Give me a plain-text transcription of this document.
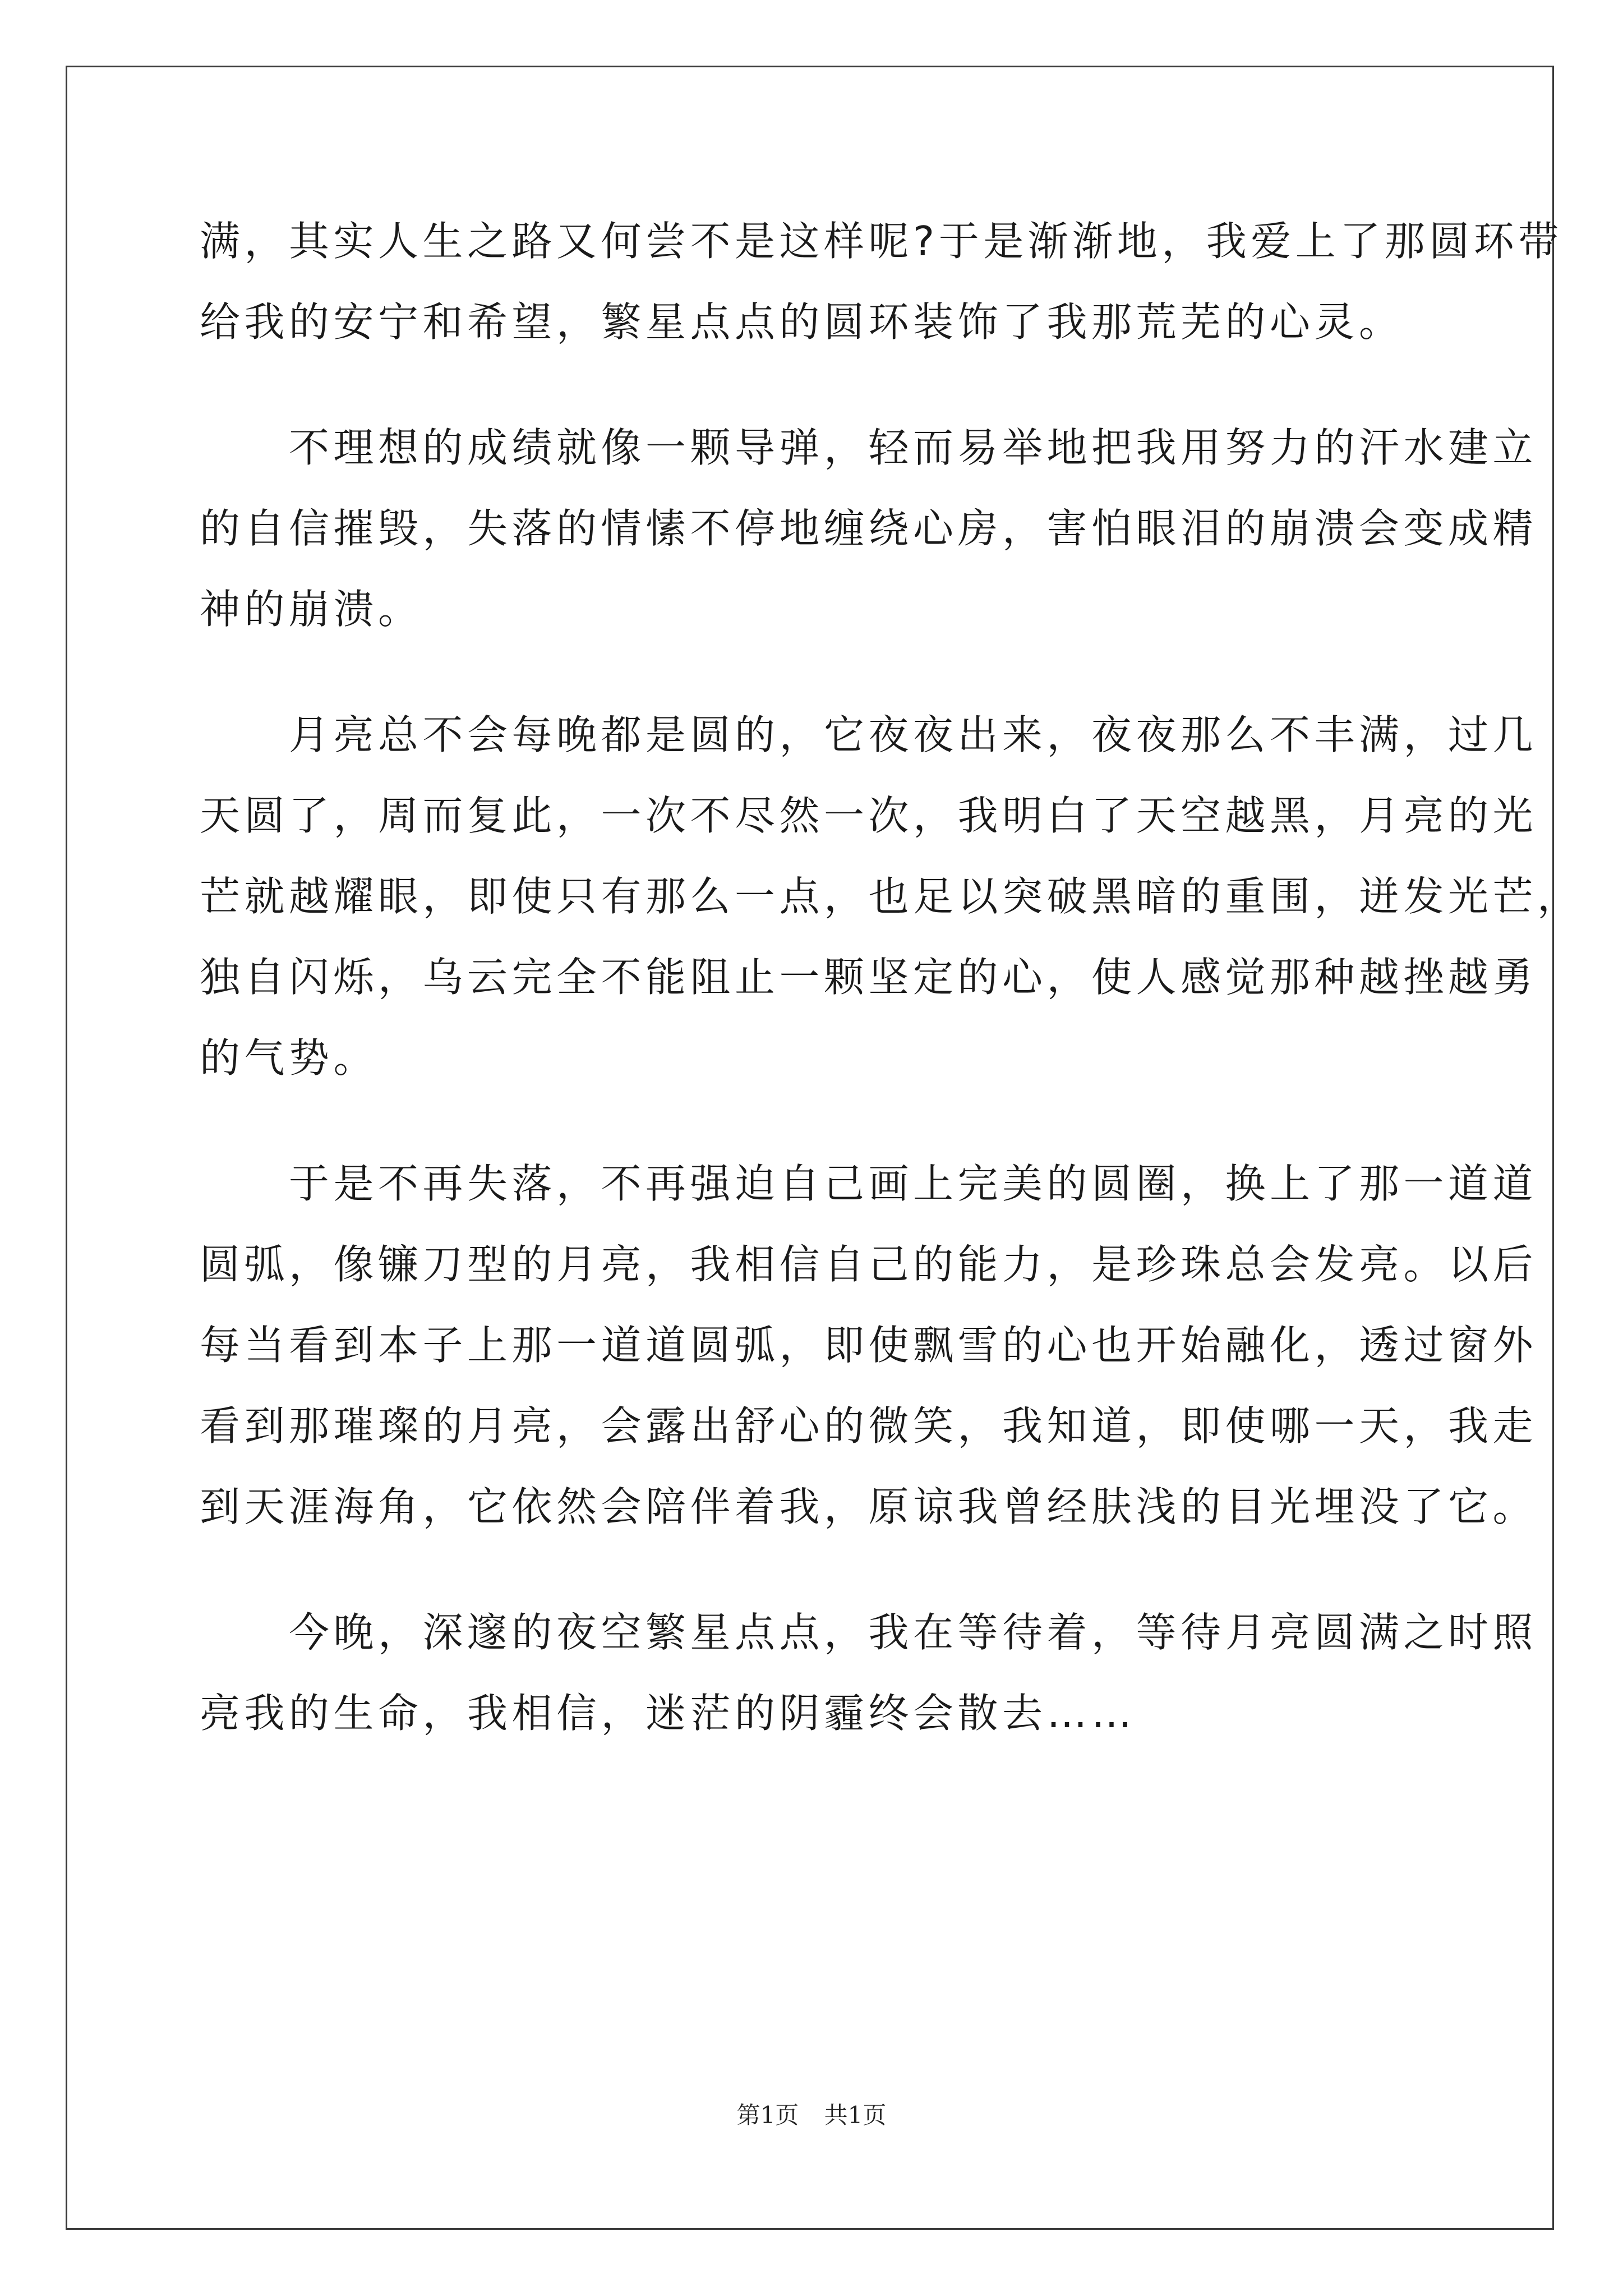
满，其实人生之路又何尝不是这样呢?于是渐渐地，我爱上了那圆环带
给我的安宁和希望，繁星点点的圆环装饰了我那荒芜的心灵。
　　不理想的成绩就像一颗导弹，轻而易举地把我用努力的汗水建立
的自信摧毁，失落的情愫不停地缠绕心房，害怕眼泪的崩溃会变成精
神的崩溃。
　　月亮总不会每晚都是圆的，它夜夜出来，夜夜那么不丰满，过几
天圆了，周而复此，一次不尽然一次，我明白了天空越黑，月亮的光
芒就越耀眼，即使只有那么一点，也足以突破黑暗的重围，迸发光芒，
独自闪烁，乌云完全不能阻止一颗坚定的心，使人感觉那种越挫越勇
的气势。
　　于是不再失落，不再强迫自己画上完美的圆圈，换上了那一道道
圆弧，像镰刀型的月亮，我相信自己的能力，是珍珠总会发亮。以后
每当看到本子上那一道道圆弧，即使飘雪的心也开始融化，透过窗外
看到那璀璨的月亮，会露出舒心的微笑，我知道，即使哪一天，我走
到天涯海角，它依然会陪伴着我，原谅我曾经肤浅的目光埋没了它。
　　今晚，深邃的夜空繁星点点，我在等待着，等待月亮圆满之时照
亮我的生命，我相信，迷茫的阴霾终会散去……
第1页 共1页
